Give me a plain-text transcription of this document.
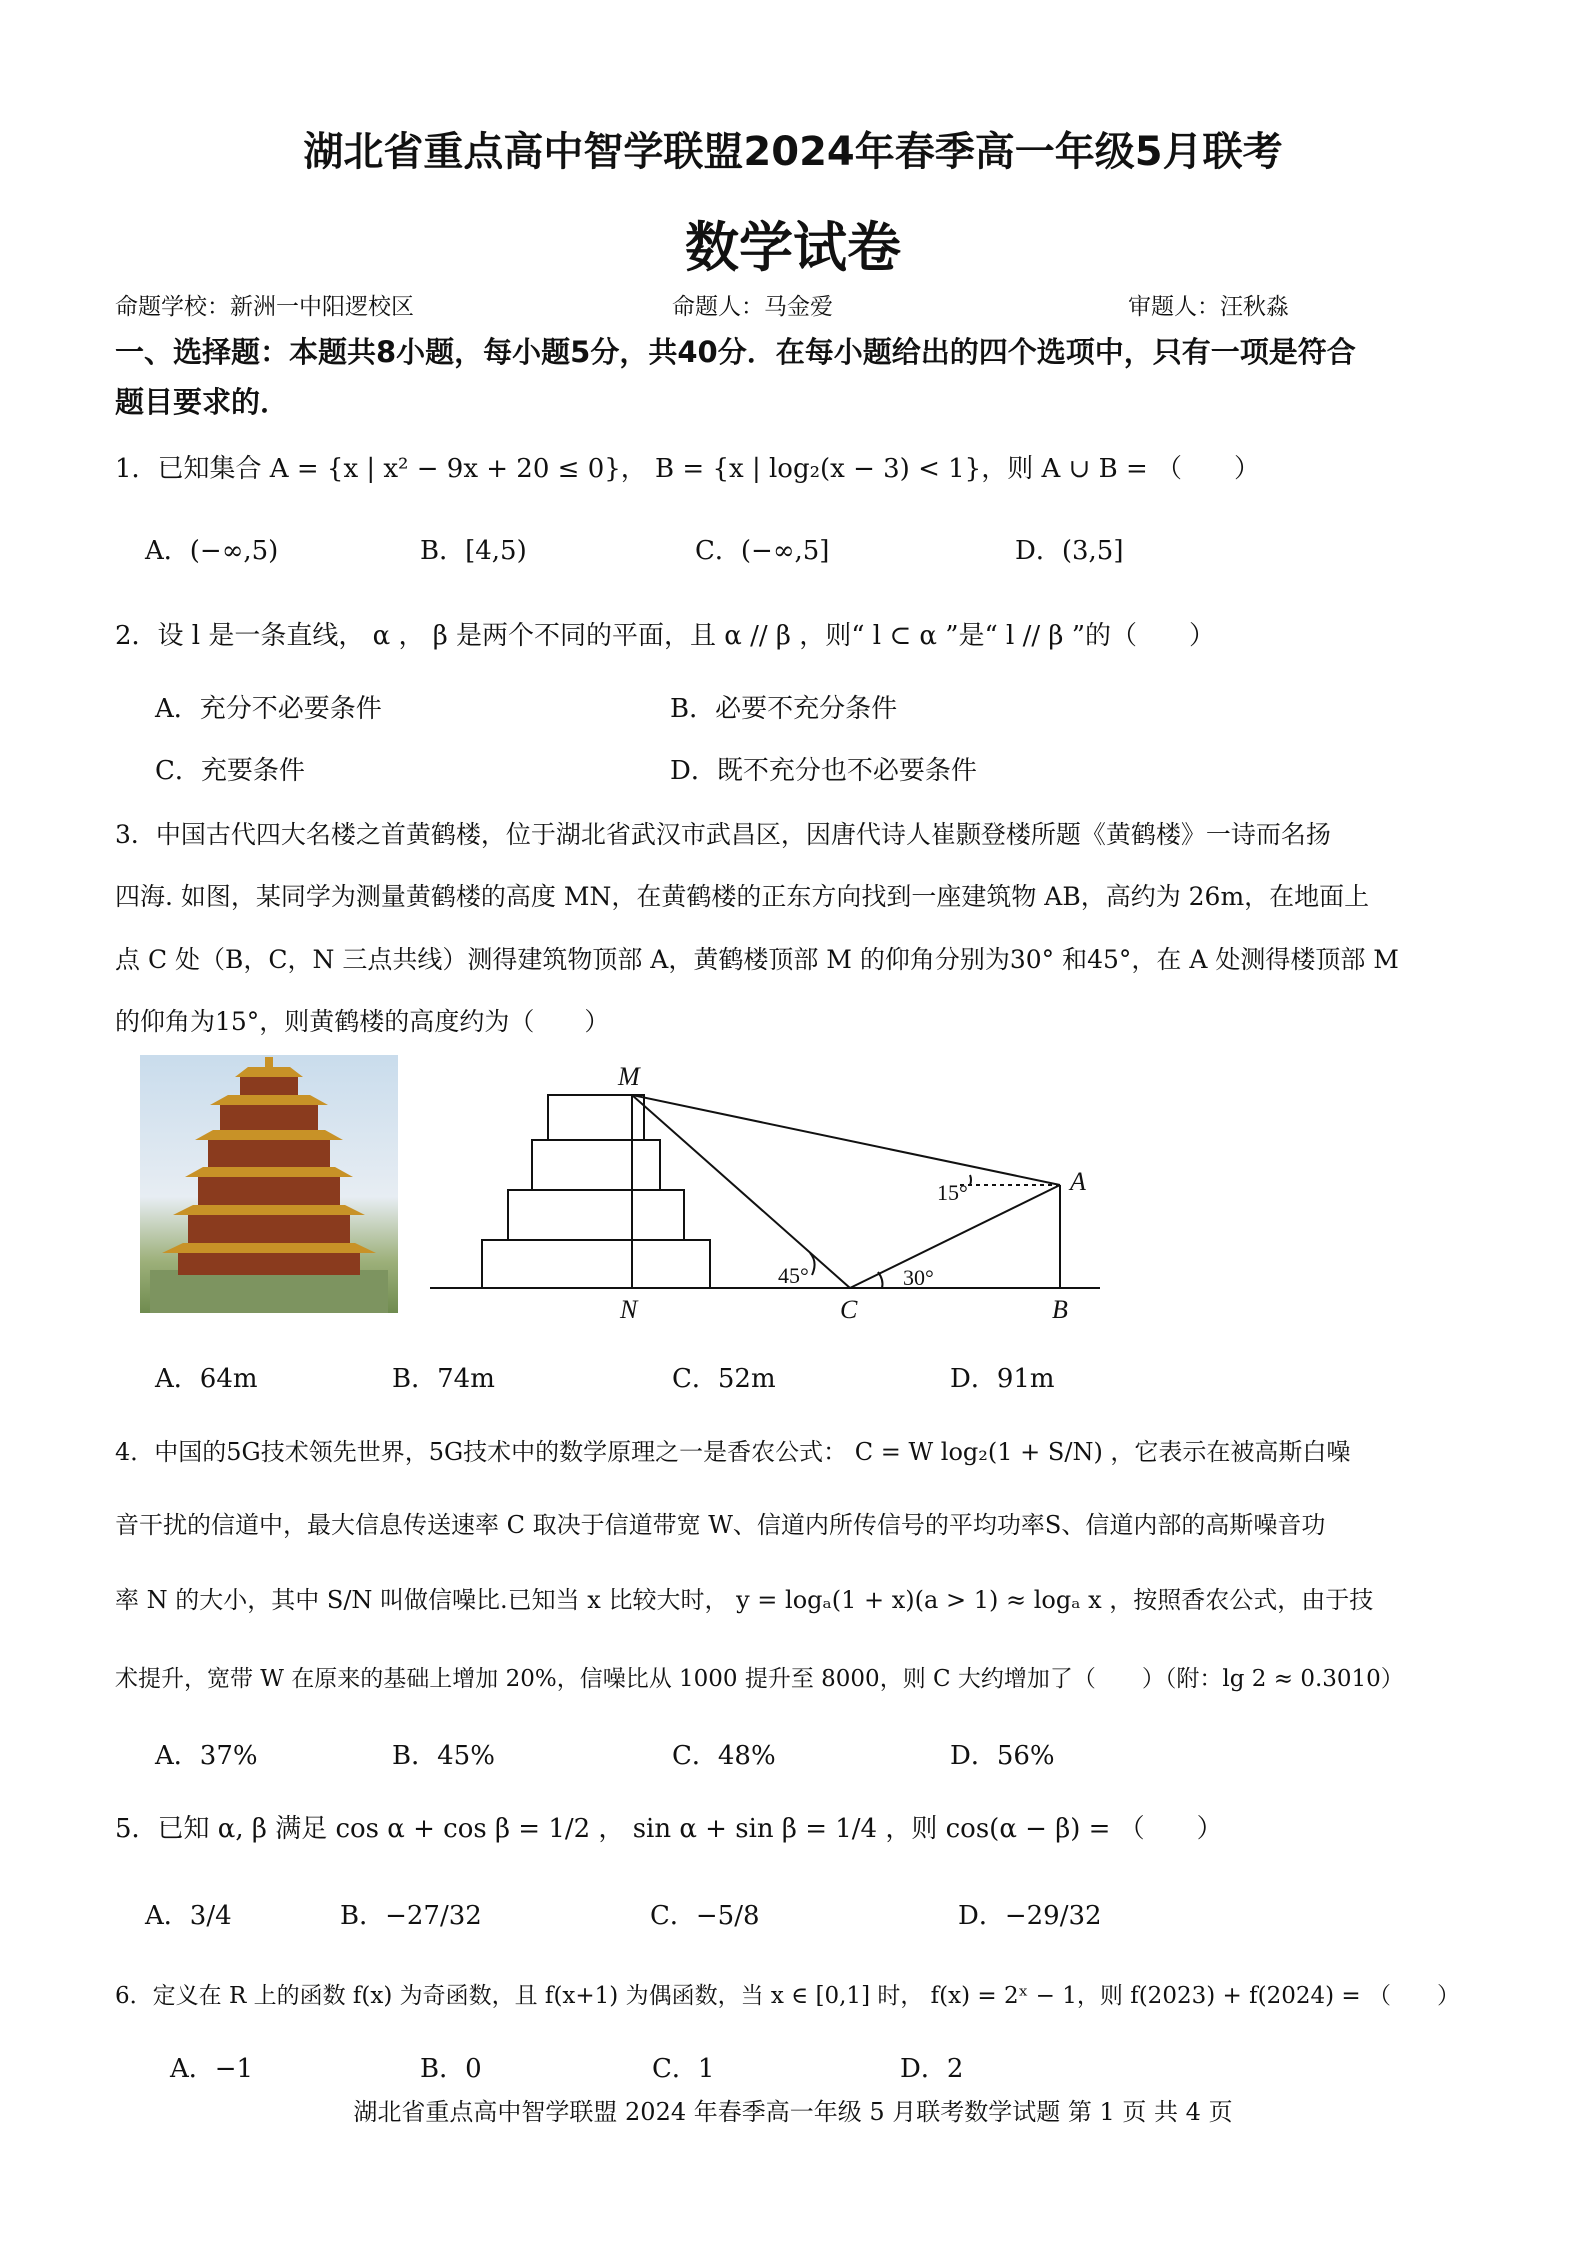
湖北省重点高中智学联盟2024年春季高一年级5月联考
数学试卷
命题学校：新洲一中阳逻校区	命题人：马金爱	审题人：汪秋淼
一、选择题：本题共8小题，每小题5分，共40分．在每小题给出的四个选项中，只有一项是符合
题目要求的．
1．已知集合 A = {x | x² − 9x + 20 ≤ 0}， B = {x | log₂(x − 3) < 1}，则 A ∪ B = （　　）
A．(−∞,5)	B．[4,5)	C．(−∞,5]	D．(3,5]
2．设 l 是一条直线， α ， β 是两个不同的平面，且 α // β ，则“ l ⊂ α ”是“ l // β ”的（　　）
A．充分不必要条件	B．必要不充分条件
C．充要条件	D．既不充分也不必要条件
3．中国古代四大名楼之首黄鹤楼，位于湖北省武汉市武昌区，因唐代诗人崔颢登楼所题《黄鹤楼》一诗而名扬
四海. 如图，某同学为测量黄鹤楼的高度 MN，在黄鹤楼的正东方向找到一座建筑物 AB，高约为 26m，在地面上
点 C 处（B，C，N 三点共线）测得建筑物顶部 A，黄鹤楼顶部 M 的仰角分别为30° 和45°，在 A 处测得楼顶部 M
的仰角为15°，则黄鹤楼的高度约为（　　）
M
N	C
A
B
15°
45°	30°
A．64m	B．74m	C．52m	D．91m
4．中国的5G技术领先世界，5G技术中的数学原理之一是香农公式： C = W log₂(1 + S/N) ，它表示在被高斯白噪
音干扰的信道中，最大信息传送速率 C 取决于信道带宽 W、信道内所传信号的平均功率S、信道内部的高斯噪音功
率 N 的大小，其中 S/N 叫做信噪比.已知当 x 比较大时， y = logₐ(1 + x)(a > 1) ≈ logₐ x ，按照香农公式，由于技
术提升，宽带 W 在原来的基础上增加 20%，信噪比从 1000 提升至 8000，则 C 大约增加了（　　）（附：lg 2 ≈ 0.3010）
A．37%	B．45%	C．48%	D．56%
5．已知 α, β 满足 cos α + cos β = 1/2 ， sin α + sin β = 1/4 ，则 cos(α − β) = （　　）
A．3/4	B．−27/32	C．−5/8	D．−29/32
6．定义在 R 上的函数 f(x) 为奇函数，且 f(x+1) 为偶函数，当 x ∈ [0,1] 时， f(x) = 2ˣ − 1，则 f(2023) + f(2024) = （　　）
A．−1	B．0	C．1	D．2
湖北省重点高中智学联盟 2024 年春季高一年级 5 月联考数学试题 第 1 页 共 4 页
